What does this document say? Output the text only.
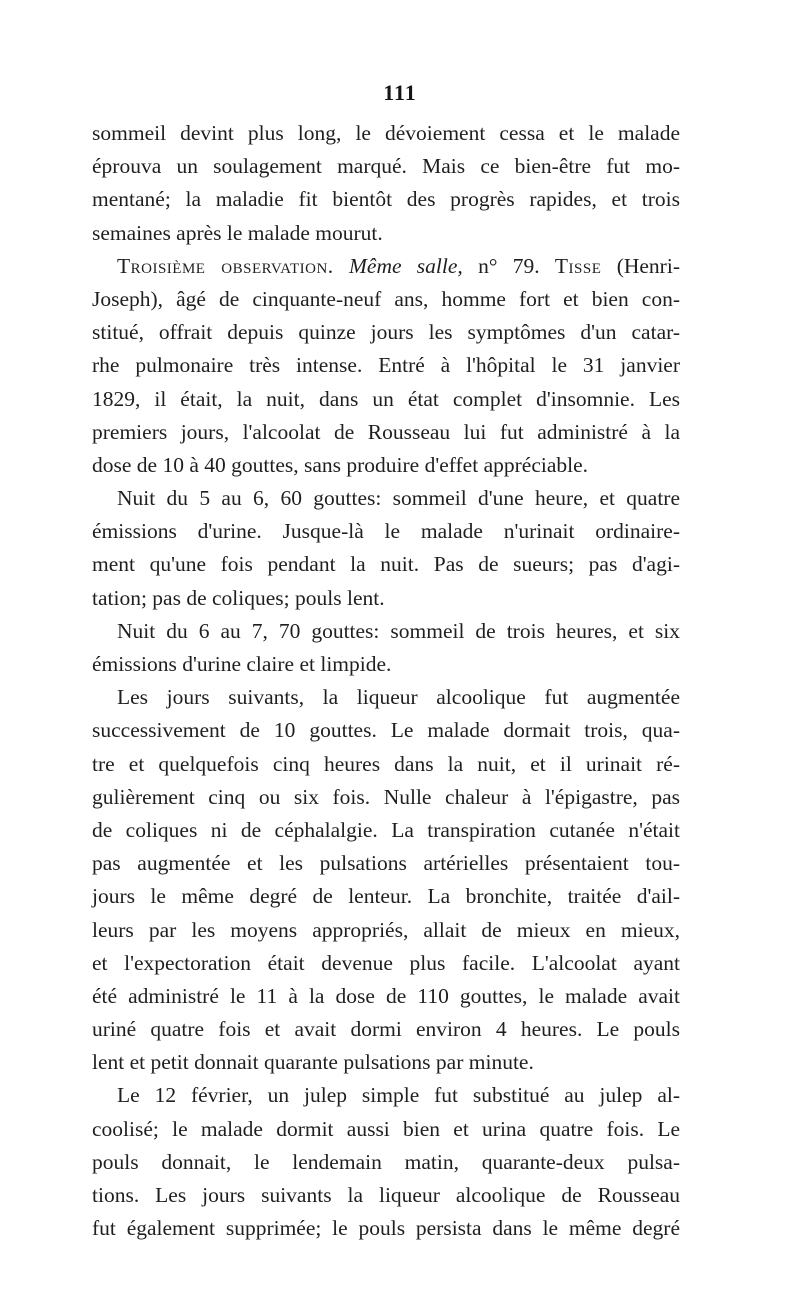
111
sommeil devint plus long, le dévoiement cessa et le malade
éprouva un soulagement marqué. Mais ce bien-être fut mo-
mentané; la maladie fit bientôt des progrès rapides, et trois
semaines après le malade mourut.
Troisième observation. Même salle, n° 79. Tisse (Henri-
Joseph), âgé de cinquante-neuf ans, homme fort et bien con-
stitué, offrait depuis quinze jours les symptômes d'un catar-
rhe pulmonaire très intense. Entré à l'hôpital le 31 janvier
1829, il était, la nuit, dans un état complet d'insomnie. Les
premiers jours, l'alcoolat de Rousseau lui fut administré à la
dose de 10 à 40 gouttes, sans produire d'effet appréciable.
Nuit du 5 au 6, 60 gouttes: sommeil d'une heure, et quatre
émissions d'urine. Jusque-là le malade n'urinait ordinaire-
ment qu'une fois pendant la nuit. Pas de sueurs; pas d'agi-
tation; pas de coliques; pouls lent.
Nuit du 6 au 7, 70 gouttes: sommeil de trois heures, et six
émissions d'urine claire et limpide.
Les jours suivants, la liqueur alcoolique fut augmentée
successivement de 10 gouttes. Le malade dormait trois, qua-
tre et quelquefois cinq heures dans la nuit, et il urinait ré-
gulièrement cinq ou six fois. Nulle chaleur à l'épigastre, pas
de coliques ni de céphalalgie. La transpiration cutanée n'était
pas augmentée et les pulsations artérielles présentaient tou-
jours le même degré de lenteur. La bronchite, traitée d'ail-
leurs par les moyens appropriés, allait de mieux en mieux,
et l'expectoration était devenue plus facile. L'alcoolat ayant
été administré le 11 à la dose de 110 gouttes, le malade avait
uriné quatre fois et avait dormi environ 4 heures. Le pouls
lent et petit donnait quarante pulsations par minute.
Le 12 février, un julep simple fut substitué au julep al-
coolisé; le malade dormit aussi bien et urina quatre fois. Le
pouls donnait, le lendemain matin, quarante-deux pulsa-
tions. Les jours suivants la liqueur alcoolique de Rousseau
fut également supprimée; le pouls persista dans le même degré
